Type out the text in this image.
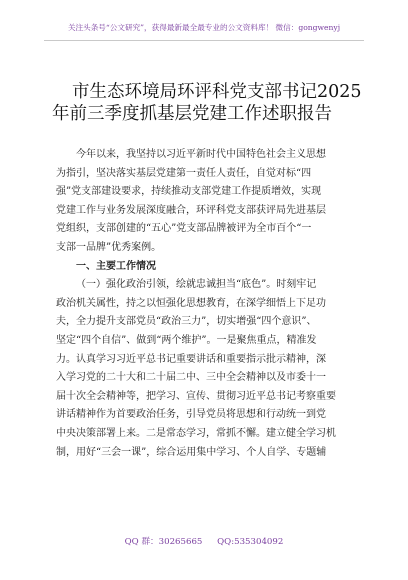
关注头条号“公文研究”，获得最新最全最专业的公文资料库！ 微信：gongwenyj
市生态环境局环评科党支部书记2025
年前三季度抓基层党建工作述职报告
今年以来，我坚持以习近平新时代中国特色社会主义思想
为指引，坚决落实基层党建第一责任人责任，自觉对标“四
强”党支部建设要求，持续推动支部党建工作提质增效，实现
党建工作与业务发展深度融合，环评科党支部获评局先进基层
党组织，支部创建的“五心”党支部品牌被评为全市百个“一
支部一品牌”优秀案例。
一、主要工作情况
（一）强化政治引领，绘就忠诚担当“底色”。时刻牢记
政治机关属性，持之以恒强化思想教育，在深学细悟上下足功
夫，全力提升支部党员“政治三力”，切实增强“四个意识”、
坚定“四个自信”、做到“两个维护”。一是聚焦重点，精准发
力。认真学习习近平总书记重要讲话和重要指示批示精神，深
入学习党的二十大和二十届二中、三中全会精神以及市委十一
届十次全会精神等，把学习、宣传、贯彻习近平总书记考察重要
讲话精神作为首要政治任务，引导党员将思想和行动统一到党
中央决策部署上来。二是常态学习，常抓不懈。建立健全学习机
制，用好“三会一课”，综合运用集中学习、个人自学、专题辅
QQ 群：30265665 QQ:535304092
